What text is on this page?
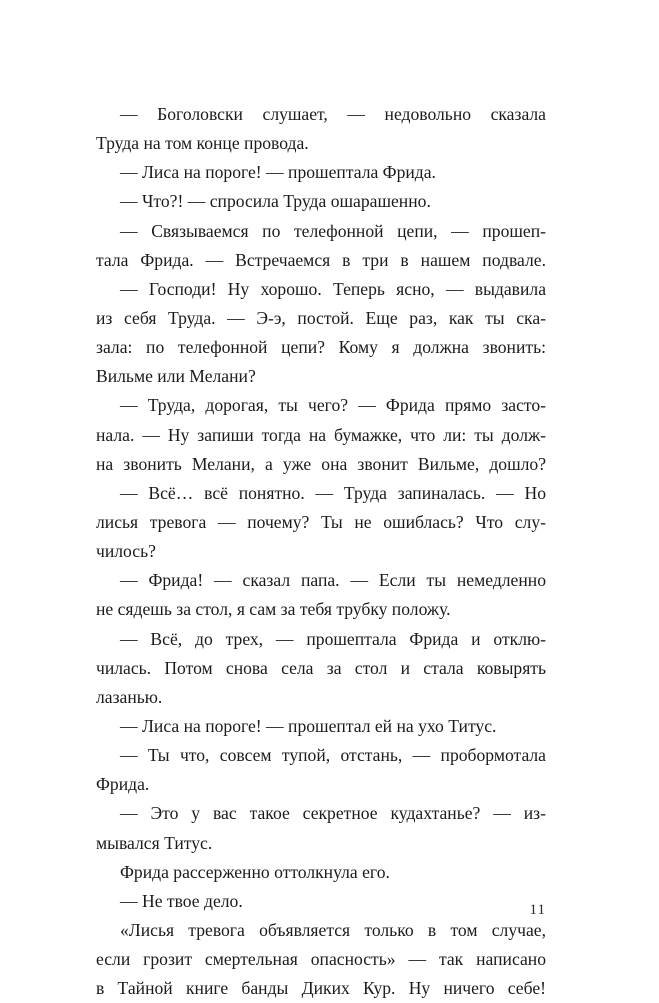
— Боголовски слушает, — недовольно сказала
Труда на том конце провода.
— Лиса на пороге! — прошептала Фрида.
— Что?! — спросила Труда ошарашенно.
— Связываемся по телефонной цепи, — прошеп-
тала Фрида. — Встречаемся в три в нашем подвале.
— Господи! Ну хорошо. Теперь ясно, — выдавила
из себя Труда. — Э-э, постой. Еще раз, как ты ска-
зала: по телефонной цепи? Кому я должна звонить:
Вильме или Мелани?
— Труда, дорогая, ты чего? — Фрида прямо засто-
нала. — Ну запиши тогда на бумажке, что ли: ты долж-
на звонить Мелани, а уже она звонит Вильме, дошло?
— Всё… всё понятно. — Труда запиналась. — Но
лисья тревога — почему? Ты не ошиблась? Что слу-
чилось?
— Фрида! — сказал папа. — Если ты немедленно
не сядешь за стол, я сам за тебя трубку положу.
— Всё, до трех, — прошептала Фрида и отклю-
чилась. Потом снова села за стол и стала ковырять
лазанью.
— Лиса на пороге! — прошептал ей на ухо Титус.
— Ты что, совсем тупой, отстань, — пробормотала
Фрида.
— Это у вас такое секретное кудахтанье? — из-
мывался Титус.
Фрида рассерженно оттолкнула его.
— Не твое дело.
«Лисья тревога объявляется только в том случае,
если грозит смертельная опасность» — так написано
в Тайной книге банды Диких Кур. Ну ничего себе!
11
